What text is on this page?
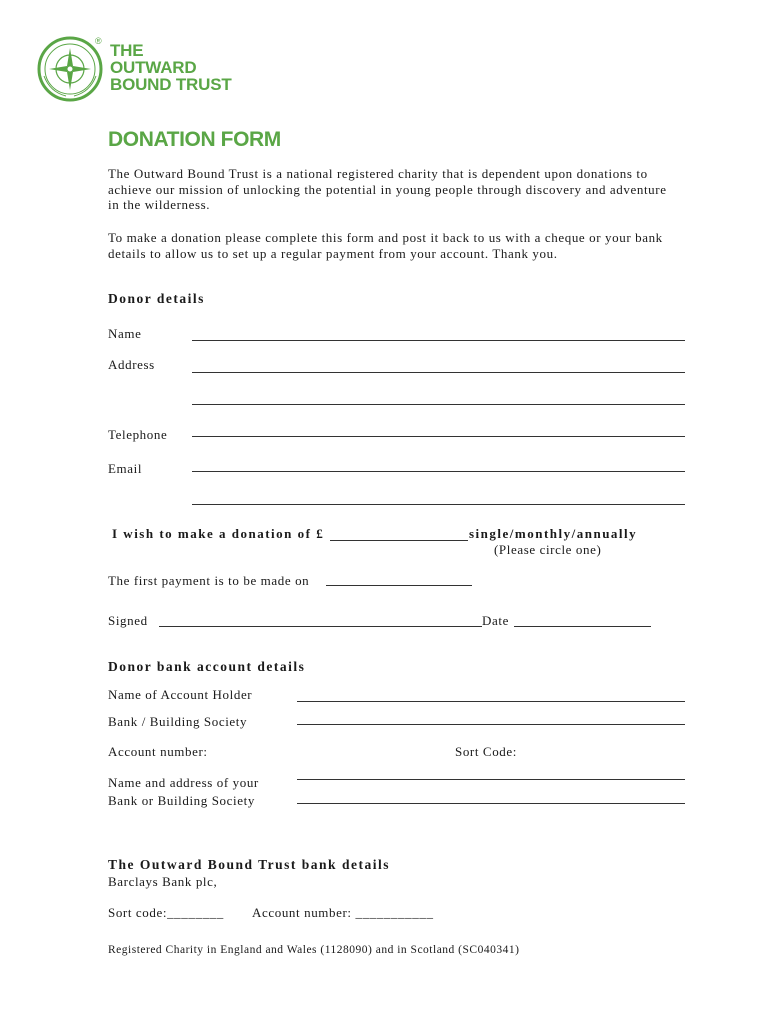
® THE
OUTWARD
BOUND TRUST
DONATION FORM
The Outward Bound Trust is a national registered charity that is dependent upon donations to achieve our mission of unlocking the potential in young people through discovery and adventure in the wilderness.
To make a donation please complete this form and post it back to us with a cheque or your bank details to allow us to set up a regular payment from your account. Thank you.
Donor details
Name
Address
Telephone
Email
I wish to make a donation of £	single/monthly/annually
(Please circle one)
The first payment is to be made on
Signed	Date
Donor bank account details
Name of Account Holder
Bank / Building Society
Account number:	Sort Code:
Name and address of your
Bank or Building Society
The Outward Bound Trust bank details
Barclays Bank plc,
Sort code:________ Account number: ___________
Registered Charity in England and Wales (1128090) and in Scotland (SC040341)
